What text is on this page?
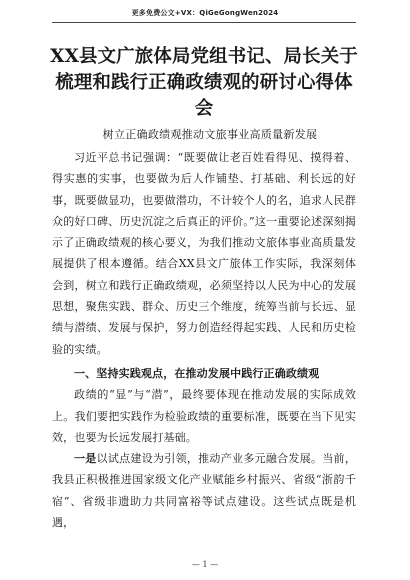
更多免费公文+VX：QiGeGongWen2024
XX县文广旅体局党组书记、局长关于梳理和践行正确政绩观的研讨心得体会
树立正确政绩观推动文旅事业高质量新发展

习近平总书记强调：“既要做让老百姓看得见、摸得着、得实惠的实事，也要做为后人作铺垫、打基础、利长远的好事，既要做显功，也要做潜功，不计较个人的名，追求人民群众的好口碑、历史沉淀之后真正的评价。”这一重要论述深刻揭示了正确政绩观的核心要义，为我们推动文旅体事业高质量发展提供了根本遵循。结合XX县文广旅体工作实际，我深刻体会到，树立和践行正确政绩观，必须坚持以人民为中心的发展思想，聚焦实践、群众、历史三个维度，统筹当前与长远、显绩与潜绩、发展与保护，努力创造经得起实践、人民和历史检验的实绩。

一、坚持实践观点，在推动发展中践行正确政绩观

政绩的“显”与“潜”，最终要体现在推动发展的实际成效上。我们要把实践作为检验政绩的重要标准，既要在当下见实效，也要为长远发展打基础。

一是以试点建设为引领，推动产业多元融合发展。当前，我县正积极推进国家级文化产业赋能乡村振兴、省级“浙韵千宿”、省级非遗助力共同富裕等试点建设。这些试点既是机遇，

— 1 —
